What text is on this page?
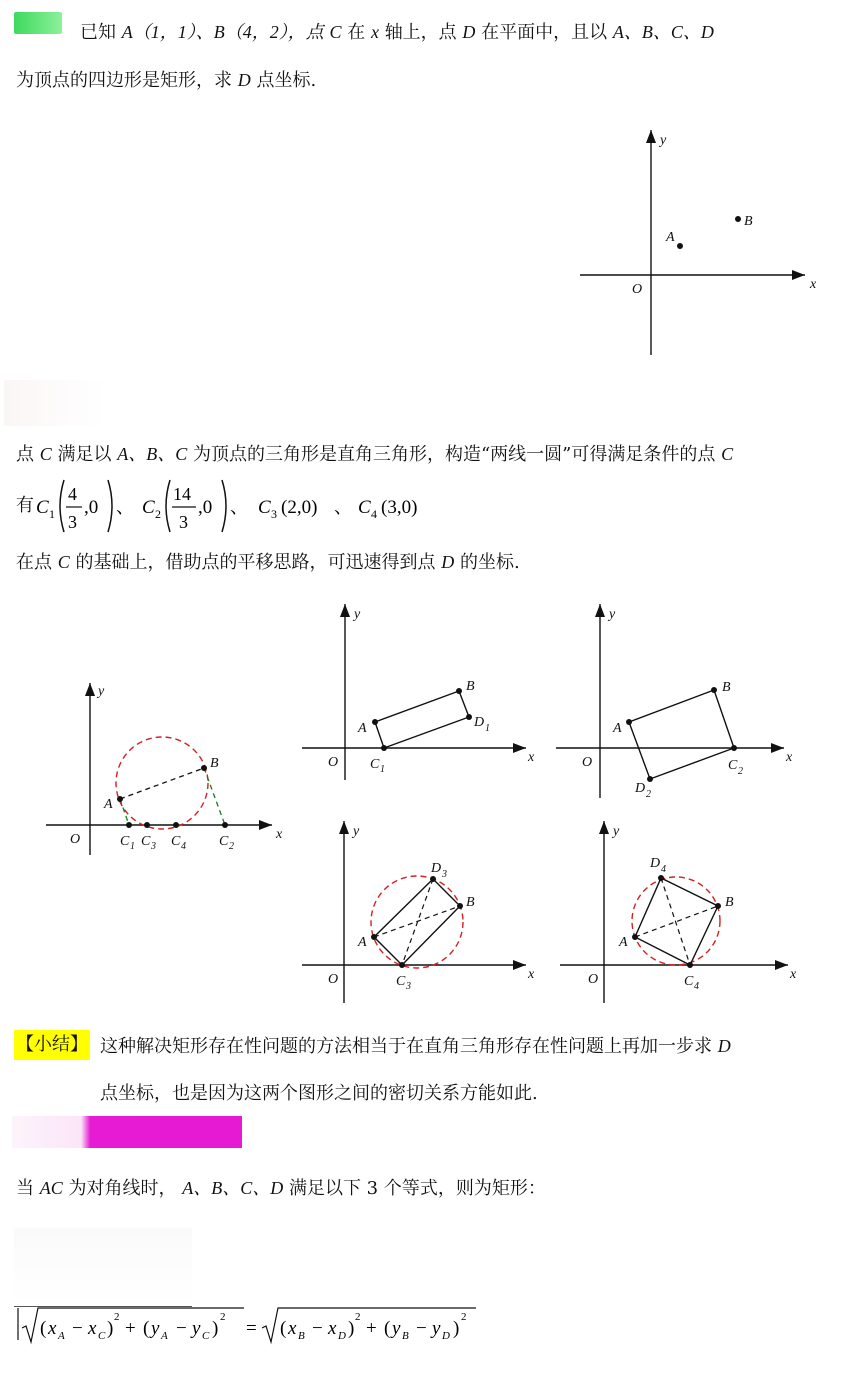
已知 A（1，1）、B（4，2），点 C 在 x 轴上，点 D 在平面中，且以 A、B、C、D
为顶点的四边形是矩形，求 D 点坐标.
x
y
O
A
B
点 C 满足以 A、B、C 为顶点的三角形是直角三角形，构造“两线一圆”可得满足条件的点 C
有 C 1
4
3
,0 、 C 2
14
3
,0 、 C 3 (2,0) 、 C 4 (3,0)
在点 C 的基础上，借助点的平移思路，可迅速得到点 D 的坐标.
x
y
O
A
B
C 1 C 3 C 4 C 2
x
y
O
A
B
D 1
C 1
x
y
O
A
B
C 2
D 2
x
y
O
A
B
D 3
C 3
x
y
O
A
B
D 4
C 4
【小结】 这种解决矩形存在性问题的方法相当于在直角三角形存在性问题上再加一步求 D
点坐标，也是因为这两个图形之间的密切关系方能如此.
当 AC 为对角线时， A、B、C、D 满足以下 3 个等式，则为矩形：
( x A − x C )
2
+ ( y A − y C )
2
= ( x B − x D )
2
+ ( y B − y D )
2
